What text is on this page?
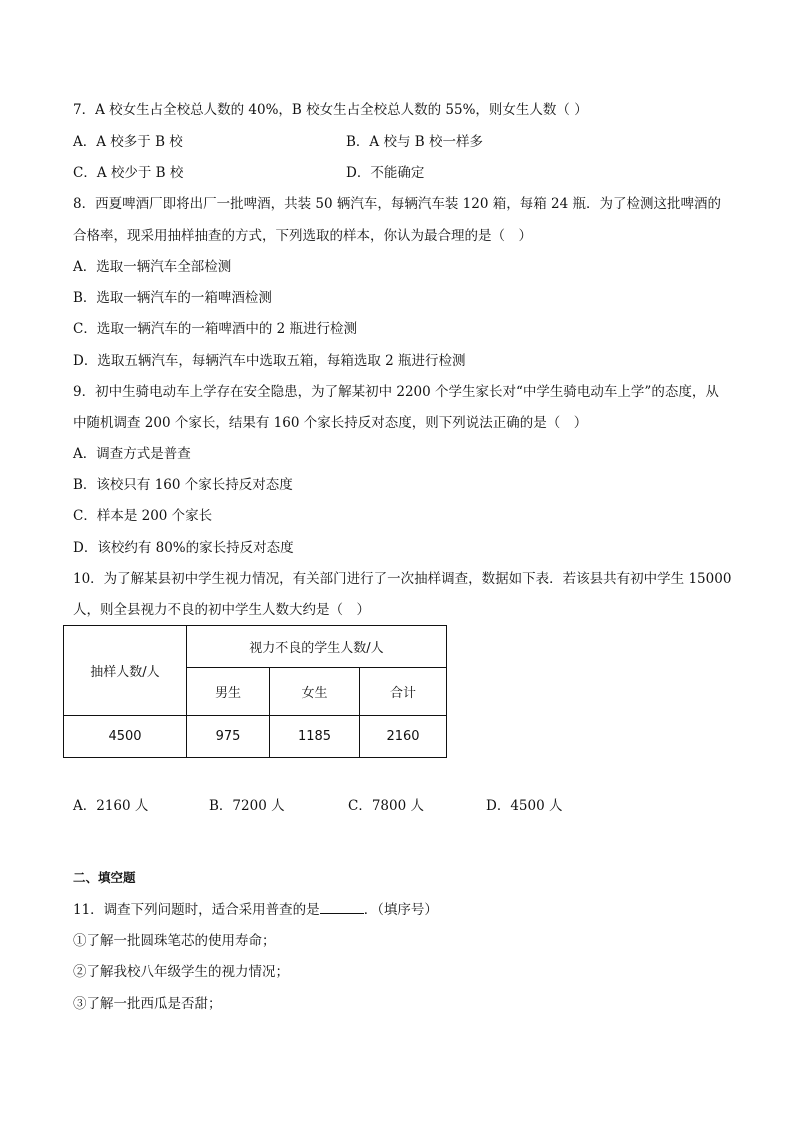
7．A 校女生占全校总人数的 40%，B 校女生占全校总人数的 55%，则女生人数（ ）
A．A 校多于 B 校	B．A 校与 B 校一样多
C．A 校少于 B 校	D．不能确定
8．西夏啤酒厂即将出厂一批啤酒，共装 50 辆汽车，每辆汽车装 120 箱，每箱 24 瓶．为了检测这批啤酒的
合格率，现采用抽样抽查的方式，下列选取的样本，你认为最合理的是（　）
A．选取一辆汽车全部检测
B．选取一辆汽车的一箱啤酒检测
C．选取一辆汽车的一箱啤酒中的 2 瓶进行检测
D．选取五辆汽车，每辆汽车中选取五箱，每箱选取 2 瓶进行检测
9．初中生骑电动车上学存在安全隐患，为了解某初中 2200 个学生家长对“中学生骑电动车上学”的态度，从
中随机调查 200 个家长，结果有 160 个家长持反对态度，则下列说法正确的是（　）
A．调查方式是普查
B．该校只有 160 个家长持反对态度
C．样本是 200 个家长
D．该校约有 80%的家长持反对态度
10．为了解某县初中学生视力情况，有关部门进行了一次抽样调查，数据如下表．若该县共有初中学生 15000
人，则全县视力不良的初中学生人数大约是（　）
抽样人数/人	视力不良的学生人数/人		
	男生	女生	合计
4500	975	1185	2160
A．2160 人	B．7200 人	C．7800 人	D．4500 人
二、填空题
11．调查下列问题时，适合采用普查的是	．（填序号）
①了解一批圆珠笔芯的使用寿命；
②了解我校八年级学生的视力情况；
③了解一批西瓜是否甜；
